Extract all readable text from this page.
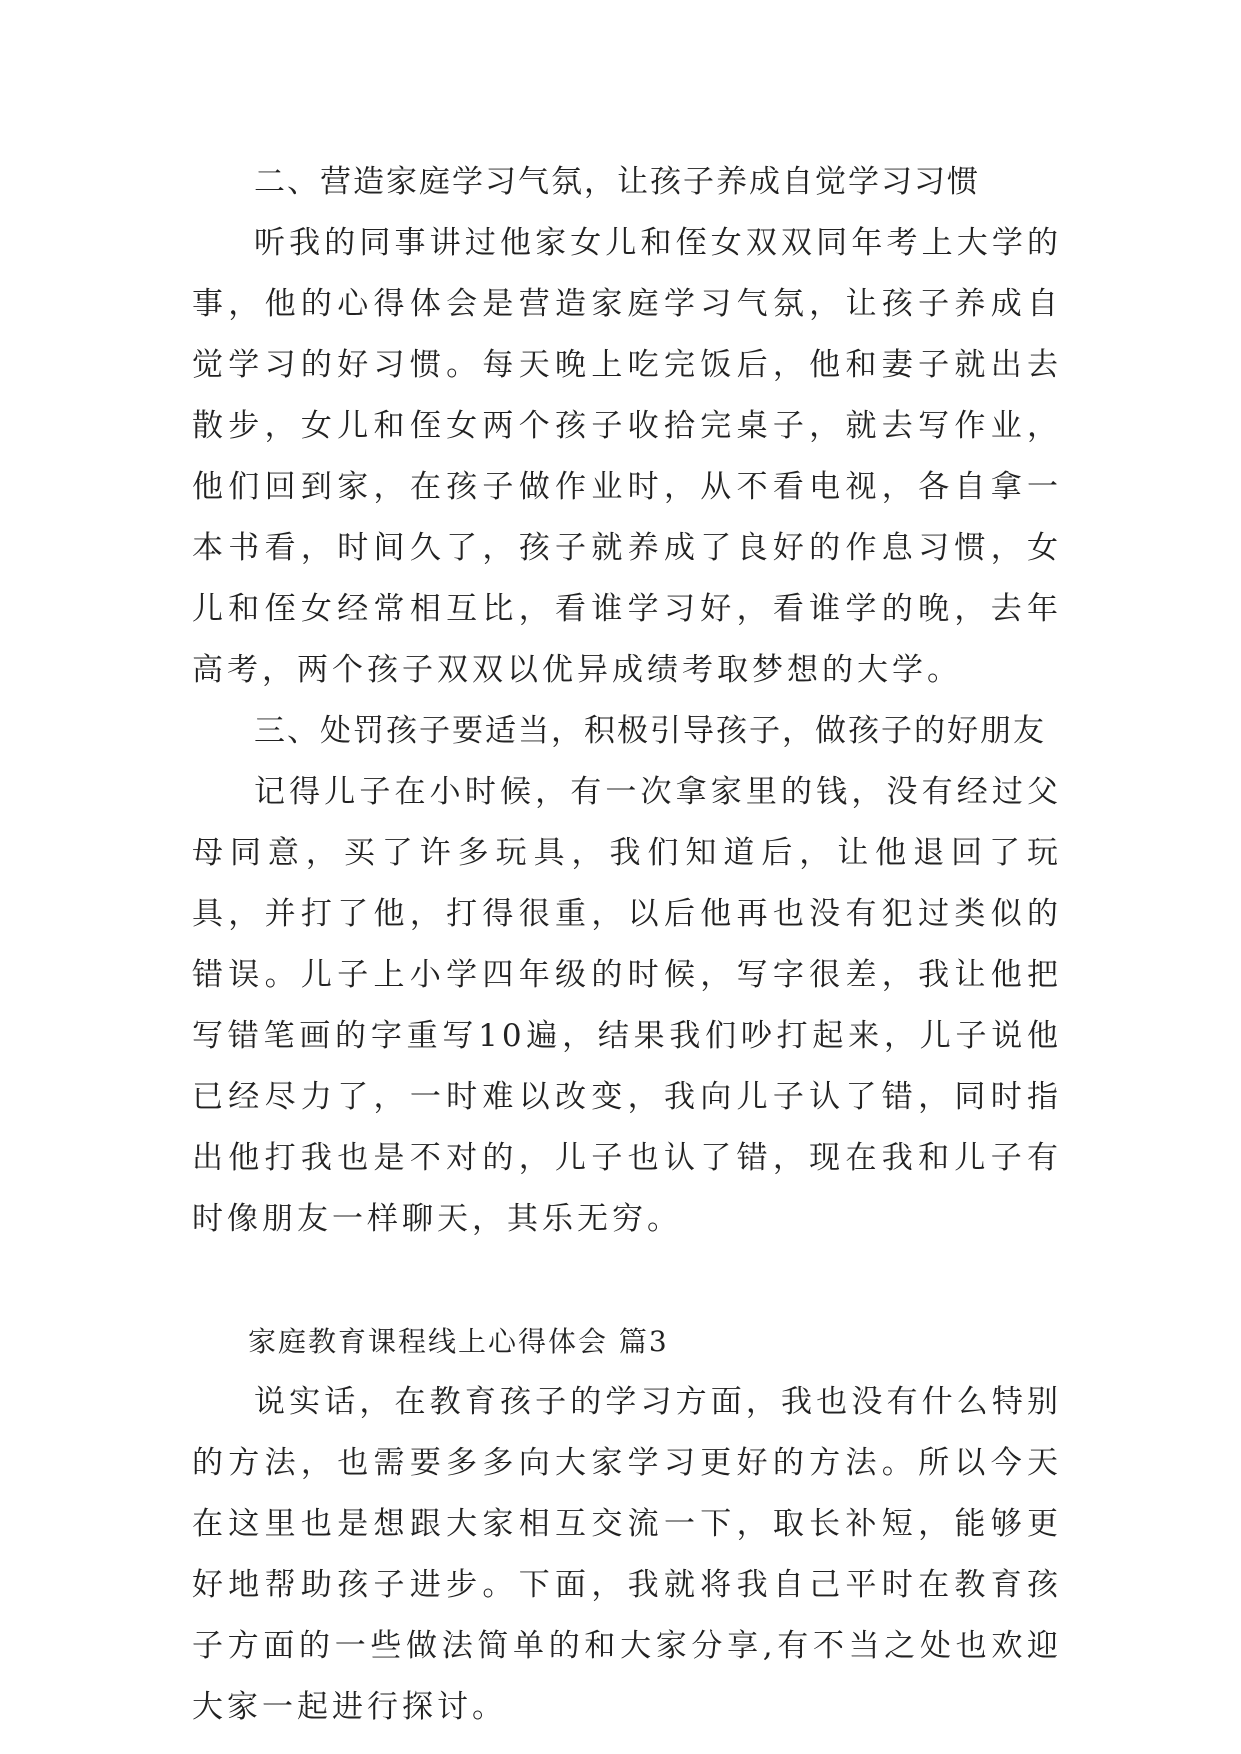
二、营造家庭学习气氛，让孩子养成自觉学习习惯

听我的同事讲过他家女儿和侄女双双同年考上大学的事，他的心得体会是营造家庭学习气氛，让孩子养成自觉学习的好习惯。每天晚上吃完饭后，他和妻子就出去散步，女儿和侄女两个孩子收拾完桌子，就去写作业，他们回到家，在孩子做作业时，从不看电视，各自拿一本书看，时间久了，孩子就养成了良好的作息习惯，女儿和侄女经常相互比，看谁学习好，看谁学的晚，去年高考，两个孩子双双以优异成绩考取梦想的大学。

三、处罚孩子要适当，积极引导孩子，做孩子的好朋友

记得儿子在小时候，有一次拿家里的钱，没有经过父母同意，买了许多玩具，我们知道后，让他退回了玩具，并打了他，打得很重，以后他再也没有犯过类似的错误。儿子上小学四年级的时候，写字很差，我让他把写错笔画的字重写10遍，结果我们吵打起来，儿子说他已经尽力了，一时难以改变，我向儿子认了错，同时指出他打我也是不对的，儿子也认了错，现在我和儿子有时像朋友一样聊天，其乐无穷。

家庭教育课程线上心得体会 篇3

说实话，在教育孩子的学习方面，我也没有什么特别的方法，也需要多多向大家学习更好的方法。所以今天在这里也是想跟大家相互交流一下，取长补短，能够更好地帮助孩子进步。下面，我就将我自己平时在教育孩子方面的一些做法简单的和大家分享,有不当之处也欢迎大家一起进行探讨。
